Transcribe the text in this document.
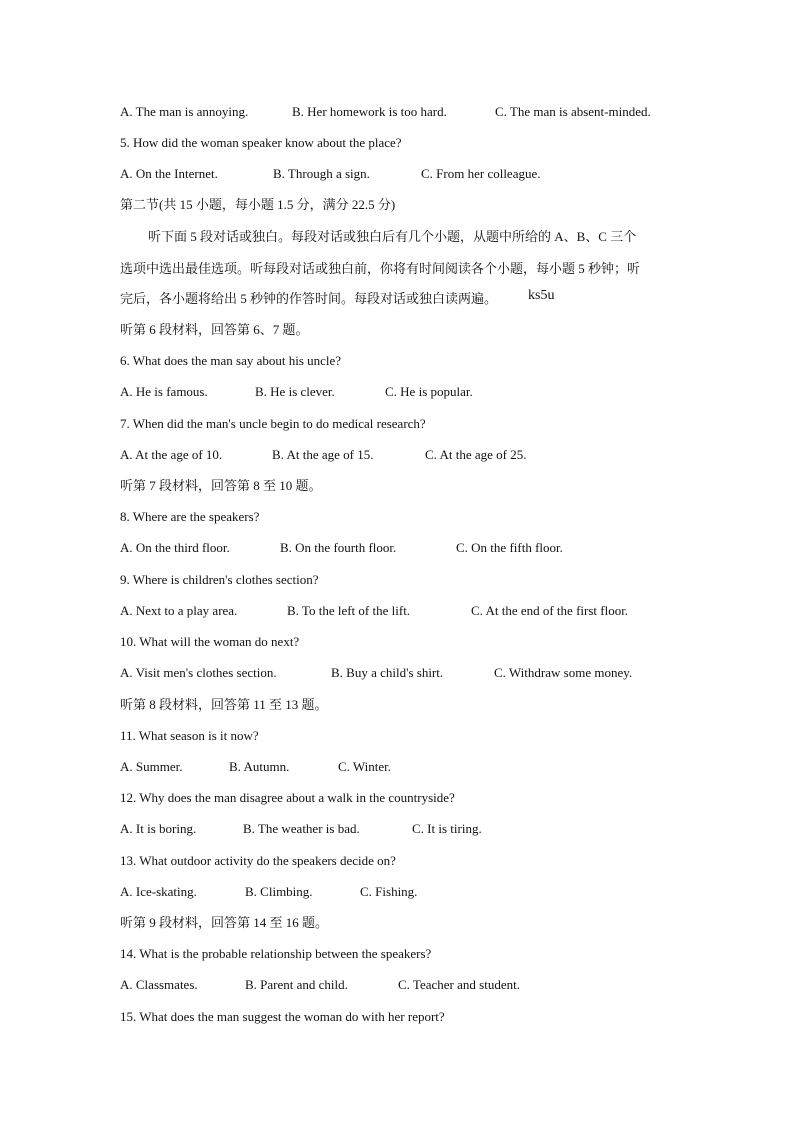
A. The man is annoying.	B. Her homework is too hard.	C. The man is absent-minded.
5. How did the woman speaker know about the place?
A. On the Internet.	B. Through a sign.	C. From her colleague.
第二节(共 15 小题，每小题 1.5 分，满分 22.5 分)
听下面 5 段对话或独白。每段对话或独白后有几个小题，从题中所给的 A、B、C 三个
选项中选出最佳选项。听每段对话或独白前，你将有时间阅读各个小题，每小题 5 秒钟；听
完后，各小题将给出 5 秒钟的作答时间。每段对话或独白读两遍。 ks5u
听第 6 段材料，回答第 6、7 题。
6. What does the man say about his uncle?
A. He is famous.	B. He is clever.	C. He is popular.
7. When did the man's uncle begin to do medical research?
A. At the age of 10.	B. At the age of 15.	C. At the age of 25.
听第 7 段材料，回答第 8 至 10 题。
8. Where are the speakers?
A. On the third floor.	B. On the fourth floor.	C. On the fifth floor.
9. Where is children's clothes section?
A. Next to a play area.	B. To the left of the lift.	C. At the end of the first floor.
10. What will the woman do next?
A. Visit men's clothes section.	B. Buy a child's shirt.	C. Withdraw some money.
听第 8 段材料，回答第 11 至 13 题。
11. What season is it now?
A. Summer.	B. Autumn.	C. Winter.
12. Why does the man disagree about a walk in the countryside?
A. It is boring.	B. The weather is bad.	C. It is tiring.
13. What outdoor activity do the speakers decide on?
A. Ice-skating.	B. Climbing.	C. Fishing.
听第 9 段材料，回答第 14 至 16 题。
14. What is the probable relationship between the speakers?
A. Classmates.	B. Parent and child.	C. Teacher and student.
15. What does the man suggest the woman do with her report?
